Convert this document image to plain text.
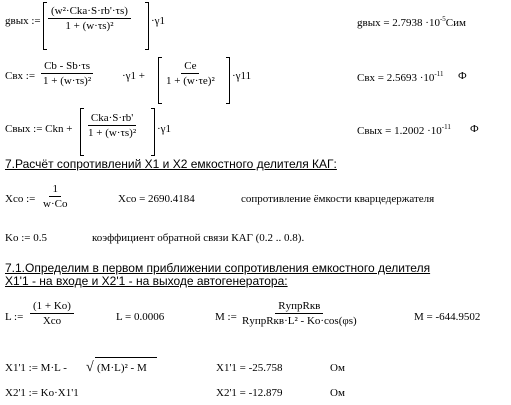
gвых :=
(w²·Cka·S·rb'·τs)
1 + (w·τs)²	·γ1	gвых = $2.7938 \cdot 10^{-5}Сим$
Cвх := $\frac{Cb - Sb\cdot\tau s}{\text{1 + (w·τs)²}}$	$\cdot\gamma 1 + \frac{Ce}{\text{1 + (w·τe)²}} \cdot\gamma 11$	Cвх = $2.5693 \cdot 10^{-11}$ Ф
Cвых := Ckn +
Cka·S·rb'
1 + (w·τs)² ·γ1	Cвых = $1.2002 \cdot 10^{-11}$ Ф
7.Расчёт сопротивлений X1 и X2 емкостного делителя КАГ:
Xco := $\frac{1}{w\cdot Co}$	Xco = 2690.4184	сопротивление ёмкости кварцедержателя
Ko := 0.5	коэффициент обратной связи КАГ (0.2 .. 0.8).
7.1.Определим в первом приближении сопротивления емкостного делителя
X1'1 - на входе и X2'1 - на выходе автогенератора:
L :=
(1 + Ko)
Xco	L = 0.0006	M :=
RупрRкв
RупрRкв·L² - Ko·cos(φs)	M = -644.9502
X1'1 := M·L - √ (M·L)² - M	X1'1 = -25.758	Ом
X2'1 := Ko·X1'1	X2'1 = -12.879	Ом
